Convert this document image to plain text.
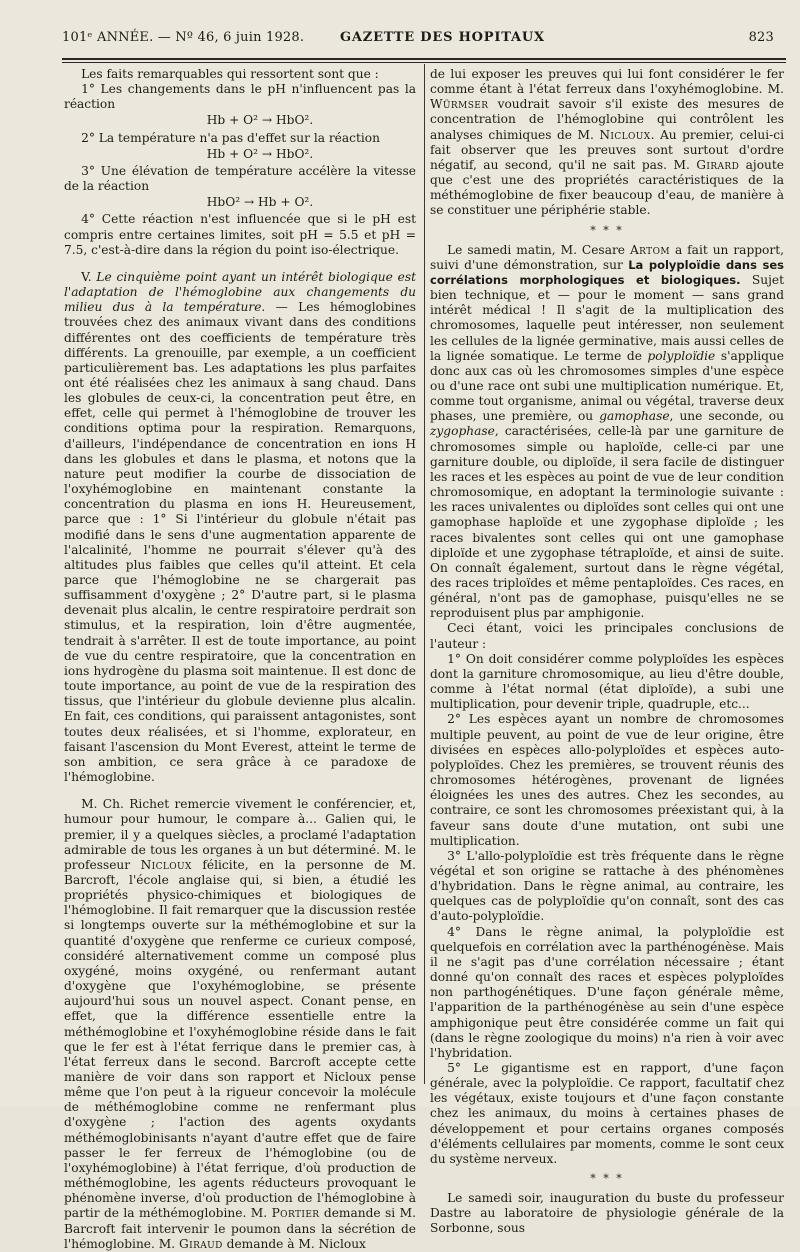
101ᵉ ANNÉE. — Nº 46, 6 juin 1928.	GAZETTE DES HOPITAUX	823

Les faits remarquables qui ressortent sont que :

1° Les changements dans le pH n'influencent pas la réaction

Hb + O² → HbO².

2° La température n'a pas d'effet sur la réaction

Hb + O² → HbO².

3° Une élévation de température accélère la vitesse de la réaction

HbO² → Hb + O².

4° Cette réaction n'est influencée que si le pH est compris entre certaines limites, soit pH = 5.5 et pH = 7.5, c'est-à-dire dans la région du point iso-électrique.

V. Le cinquième point ayant un intérêt biologique est l'adaptation de l'hémoglobine aux changements du milieu dus à la température. — Les hémoglobines trouvées chez des animaux vivant dans des conditions différentes ont des coefficients de température très différents. La grenouille, par exemple, a un coefficient particulièrement bas. Les adaptations les plus parfaites ont été réalisées chez les animaux à sang chaud. Dans les globules de ceux-ci, la concentration peut être, en effet, celle qui permet à l'hémoglobine de trouver les conditions optima pour la respiration. Remarquons, d'ailleurs, l'indépendance de concentration en ions H dans les globules et dans le plasma, et notons que la nature peut modifier la courbe de dissociation de l'oxyhémoglobine en maintenant constante la concentration du plasma en ions H. Heureusement, parce que : 1° Si l'intérieur du globule n'était pas modifié dans le sens d'une augmentation apparente de l'alcalinité, l'homme ne pourrait s'élever qu'à des altitudes plus faibles que celles qu'il atteint. Et cela parce que l'hémoglobine ne se chargerait pas suffisamment d'oxygène ; 2° D'autre part, si le plasma devenait plus alcalin, le centre respiratoire perdrait son stimulus, et la respiration, loin d'être augmentée, tendrait à s'arrêter. Il est de toute importance, au point de vue du centre respiratoire, que la concentration en ions hydrogène du plasma soit maintenue. Il est donc de toute importance, au point de vue de la respiration des tissus, que l'intérieur du globule devienne plus alcalin. En fait, ces conditions, qui paraissent antagonistes, sont toutes deux réalisées, et si l'homme, explorateur, en faisant l'ascension du Mont Everest, atteint le terme de son ambition, ce sera grâce à ce paradoxe de l'hémoglobine.

M. Ch. Richet remercie vivement le conférencier, et, humour pour humour, le compare à... Galien qui, le premier, il y a quelques siècles, a proclamé l'adaptation admirable de tous les organes à un but déterminé. M. le professeur Nicloux félicite, en la personne de M. Barcroft, l'école anglaise qui, si bien, a étudié les propriétés physico-chimiques et biologiques de l'hémoglobine. Il fait remarquer que la discussion restée si longtemps ouverte sur la méthémoglobine et sur la quantité d'oxygène que renferme ce curieux composé, considéré alternativement comme un composé plus oxygéné, moins oxygéné, ou renfermant autant d'oxygène que l'oxyhémoglobine, se présente aujourd'hui sous un nouvel aspect. Conant pense, en effet, que la différence essentielle entre la méthémoglobine et l'oxyhémoglobine réside dans le fait que le fer est à l'état ferrique dans le premier cas, à l'état ferreux dans le second. Barcroft accepte cette manière de voir dans son rapport et Nicloux pense même que l'on peut à la rigueur concevoir la molécule de méthémoglobine comme ne renfermant plus d'oxygène ; l'action des agents oxydants méthémoglobinisants n'ayant d'autre effet que de faire passer le fer ferreux de l'hémoglobine (ou de l'oxyhémoglobine) à l'état ferrique, d'où production de méthémoglobine, les agents réducteurs provoquant le phénomène inverse, d'où production de l'hémoglobine à partir de la méthémoglobine. M. Portier demande si M. Barcroft fait intervenir le poumon dans la sécrétion de l'hémoglobine. M. Giraud demande à M. Nicloux

de lui exposer les preuves qui lui font considérer le fer comme étant à l'état ferreux dans l'oxyhémoglobine. M. Würmser voudrait savoir s'il existe des mesures de concentration de l'hémoglobine qui contrôlent les analyses chimiques de M. Nicloux. Au premier, celui-ci fait observer que les preuves sont surtout d'ordre négatif, au second, qu'il ne sait pas. M. Girard ajoute que c'est une des propriétés caractéristiques de la méthémoglobine de fixer beaucoup d'eau, de manière à se constituer une périphérie stable.

* * *

Le samedi matin, M. Cesare Artom a fait un rapport, suivi d'une démonstration, sur La polyploïdie dans ses corrélations morphologiques et biologiques. Sujet bien technique, et — pour le moment — sans grand intérêt médical ! Il s'agit de la multiplication des chromosomes, laquelle peut intéresser, non seulement les cellules de la lignée germinative, mais aussi celles de la lignée somatique. Le terme de polyploïdie s'applique donc aux cas où les chromosomes simples d'une espèce ou d'une race ont subi une multiplication numérique. Et, comme tout organisme, animal ou végétal, traverse deux phases, une première, ou gamophase, une seconde, ou zygophase, caractérisées, celle-là par une garniture de chromosomes simple ou haploïde, celle-ci par une garniture double, ou diploïde, il sera facile de distinguer les races et les espèces au point de vue de leur condition chromosomique, en adoptant la terminologie suivante : les races univalentes ou diploïdes sont celles qui ont une gamophase haploïde et une zygophase diploïde ; les races bivalentes sont celles qui ont une gamophase diploïde et une zygophase tétraploïde, et ainsi de suite. On connaît également, surtout dans le règne végétal, des races triploïdes et même pentaploïdes. Ces races, en général, n'ont pas de gamophase, puisqu'elles ne se reproduisent plus par amphigonie.

Ceci étant, voici les principales conclusions de l'auteur :

1° On doit considérer comme polyploïdes les espèces dont la garniture chromosomique, au lieu d'être double, comme à l'état normal (état diploïde), a subi une multiplication, pour devenir triple, quadruple, etc...

2° Les espèces ayant un nombre de chromosomes multiple peuvent, au point de vue de leur origine, être divisées en espèces allo-polyploïdes et espèces auto-polyploïdes. Chez les premières, se trouvent réunis des chromosomes hétérogènes, provenant de lignées éloignées les unes des autres. Chez les secondes, au contraire, ce sont les chromosomes préexistant qui, à la faveur sans doute d'une mutation, ont subi une multiplication.

3° L'allo-polyploïdie est très fréquente dans le règne végétal et son origine se rattache à des phénomènes d'hybridation. Dans le règne animal, au contraire, les quelques cas de polyploïdie qu'on connaît, sont des cas d'auto-polyploïdie.

4° Dans le règne animal, la polyploïdie est quelquefois en corrélation avec la parthénogénèse. Mais il ne s'agit pas d'une corrélation nécessaire ; étant donné qu'on connaît des races et espèces polyploïdes non parthogénétiques. D'une façon générale même, l'apparition de la parthénogénèse au sein d'une espèce amphigonique peut être considérée comme un fait qui (dans le règne zoologique du moins) n'a rien à voir avec l'hybridation.

5° Le gigantisme est en rapport, d'une façon générale, avec la polyploïdie. Ce rapport, facultatif chez les végétaux, existe toujours et d'une façon constante chez les animaux, du moins à certaines phases de développement et pour certains organes composés d'éléments cellulaires par moments, comme le sont ceux du système nerveux.

* * *

Le samedi soir, inauguration du buste du professeur Dastre au laboratoire de physiologie générale de la Sorbonne, sous
